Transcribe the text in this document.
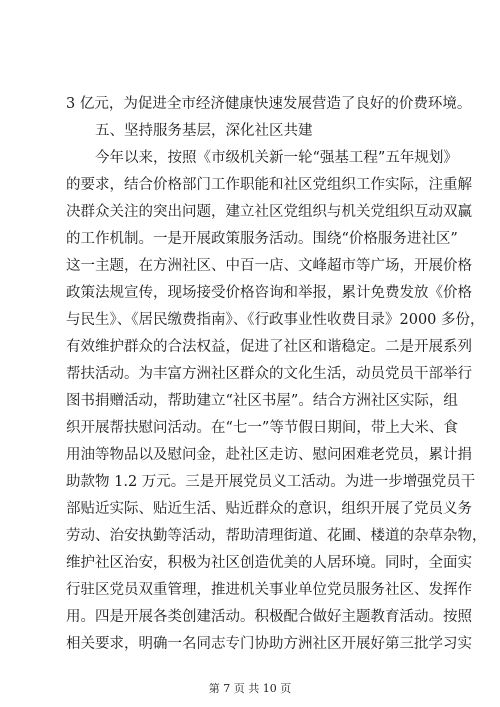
3 亿元，为促进全市经济健康快速发展营造了良好的价费环境。
五、坚持服务基层，深化社区共建
今年以来，按照《市级机关新一轮“强基工程”五年规划》
的要求，结合价格部门工作职能和社区党组织工作实际，注重解
决群众关注的突出问题，建立社区党组织与机关党组织互动双赢
的工作机制。一是开展政策服务活动。围绕“价格服务进社区”
这一主题，在方洲社区、中百一店、文峰超市等广场，开展价格
政策法规宣传，现场接受价格咨询和举报，累计免费发放《价格
与民生》、《居民缴费指南》、《行政事业性收费目录》2000 多份，
有效维护群众的合法权益，促进了社区和谐稳定。二是开展系列
帮扶活动。为丰富方洲社区群众的文化生活，动员党员干部举行
图书捐赠活动，帮助建立“社区书屋”。结合方洲社区实际，组
织开展帮扶慰问活动。在“七一”等节假日期间，带上大米、食
用油等物品以及慰问金，赴社区走访、慰问困难老党员，累计捐
助款物 1.2 万元。三是开展党员义工活动。为进一步增强党员干
部贴近实际、贴近生活、贴近群众的意识，组织开展了党员义务
劳动、治安执勤等活动，帮助清理街道、花圃、楼道的杂草杂物，
维护社区治安，积极为社区创造优美的人居环境。同时，全面实
行驻区党员双重管理，推进机关事业单位党员服务社区、发挥作
用。四是开展各类创建活动。积极配合做好主题教育活动。按照
相关要求，明确一名同志专门协助方洲社区开展好第三批学习实
第 7 页 共 10 页
